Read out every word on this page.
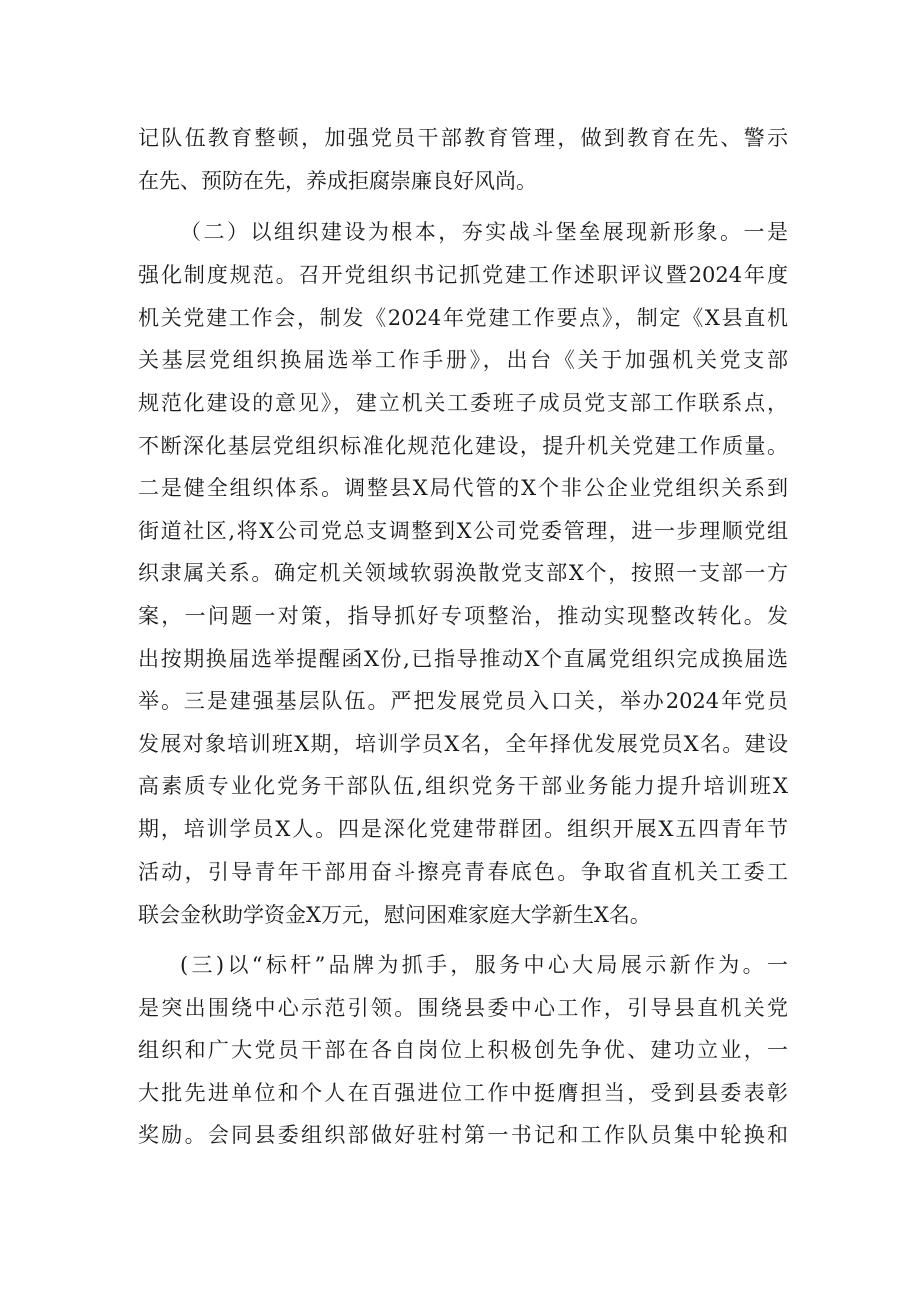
记队伍教育整顿，加强党员干部教育管理，做到教育在先、警示
在先、预防在先，养成拒腐崇廉良好风尚。
（二）以组织建设为根本，夯实战斗堡垒展现新形象。一是
强化制度规范。召开党组织书记抓党建工作述职评议暨2024年度
机关党建工作会，制发《2024年党建工作要点》，制定《X县直机
关基层党组织换届选举工作手册》，出台《关于加强机关党支部
规范化建设的意见》，建立机关工委班子成员党支部工作联系点，
不断深化基层党组织标准化规范化建设，提升机关党建工作质量。
二是健全组织体系。调整县X局代管的X个非公企业党组织关系到
街道社区,将X公司党总支调整到X公司党委管理，进一步理顺党组
织隶属关系。确定机关领域软弱涣散党支部X个，按照一支部一方
案，一问题一对策，指导抓好专项整治，推动实现整改转化。发
出按期换届选举提醒函X份,已指导推动X个直属党组织完成换届选
举。三是建强基层队伍。严把发展党员入口关，举办2024年党员
发展对象培训班X期，培训学员X名，全年择优发展党员X名。建设
高素质专业化党务干部队伍,组织党务干部业务能力提升培训班X
期，培训学员X人。四是深化党建带群团。组织开展X五四青年节
活动，引导青年干部用奋斗擦亮青春底色。争取省直机关工委工
联会金秋助学资金X万元，慰问困难家庭大学新生X名。
(三)以“标杆”品牌为抓手，服务中心大局展示新作为。一
是突出围绕中心示范引领。围绕县委中心工作，引导县直机关党
组织和广大党员干部在各自岗位上积极创先争优、建功立业，一
大批先进单位和个人在百强进位工作中挺膺担当，受到县委表彰
奖励。会同县委组织部做好驻村第一书记和工作队员集中轮换和
